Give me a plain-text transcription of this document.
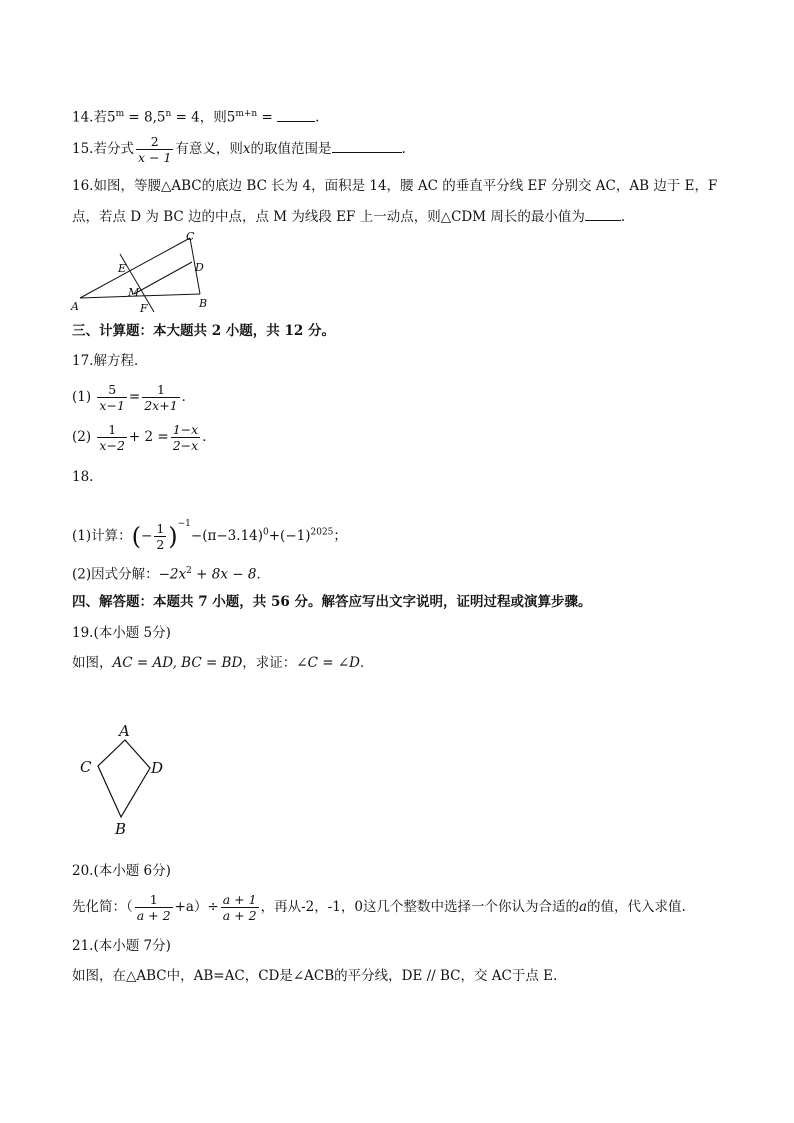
14.若$5^m = 8,5^n = 4$，则$5^{m+n}$ =	.
15.若分式 $\frac{2}{x - 1}$ 有意义，则x的取值范围是	.
16.如图，等腰△ABC的底边 BC 长为 4，面积是 14，腰 AC 的垂直平分线 EF 分别交 AC，AB 边于 E，F
点，若点 D 为 BC 边的中点，点 M 为线段 EF 上一动点，则△CDM 周长的最小值为	.
C
E	D
M
A	F	B
三、计算题：本大题共 2 小题，共 12 分。
17.解方程．
$(1) \frac{5}{x-1} = \frac{1}{2x+1}$ ．
$(2) \frac{1}{x-2} + 2 = \frac{1-x}{2-x}$ ．
18.
(1)计算：(− $\frac{1}{2} )^{-1}-(\pi-3.14)^0+(-1)^{2025}$；
(2)因式分解：$-2x^2 + 8x - 8$．
四、解答题：本题共 7 小题，共 56 分。解答应写出文字说明，证明过程或演算步骤。
19.(本小题 5分)
如图，AC = AD, BC = BD，求证：∠C = ∠D．
A
C	D
B
20.(本小题 6分)
先化简：（ $\frac{1}{a + 2} +a)\div \frac{a + 1}{a + 2}$ ，再从-2，-1，0这几个整数中选择一个你认为合适的a的值，代入求值.
21.(本小题 7分)
如图，在△ABC中，AB=AC，CD是∠ACB的平分线，DE // BC，交 AC于点 E.
